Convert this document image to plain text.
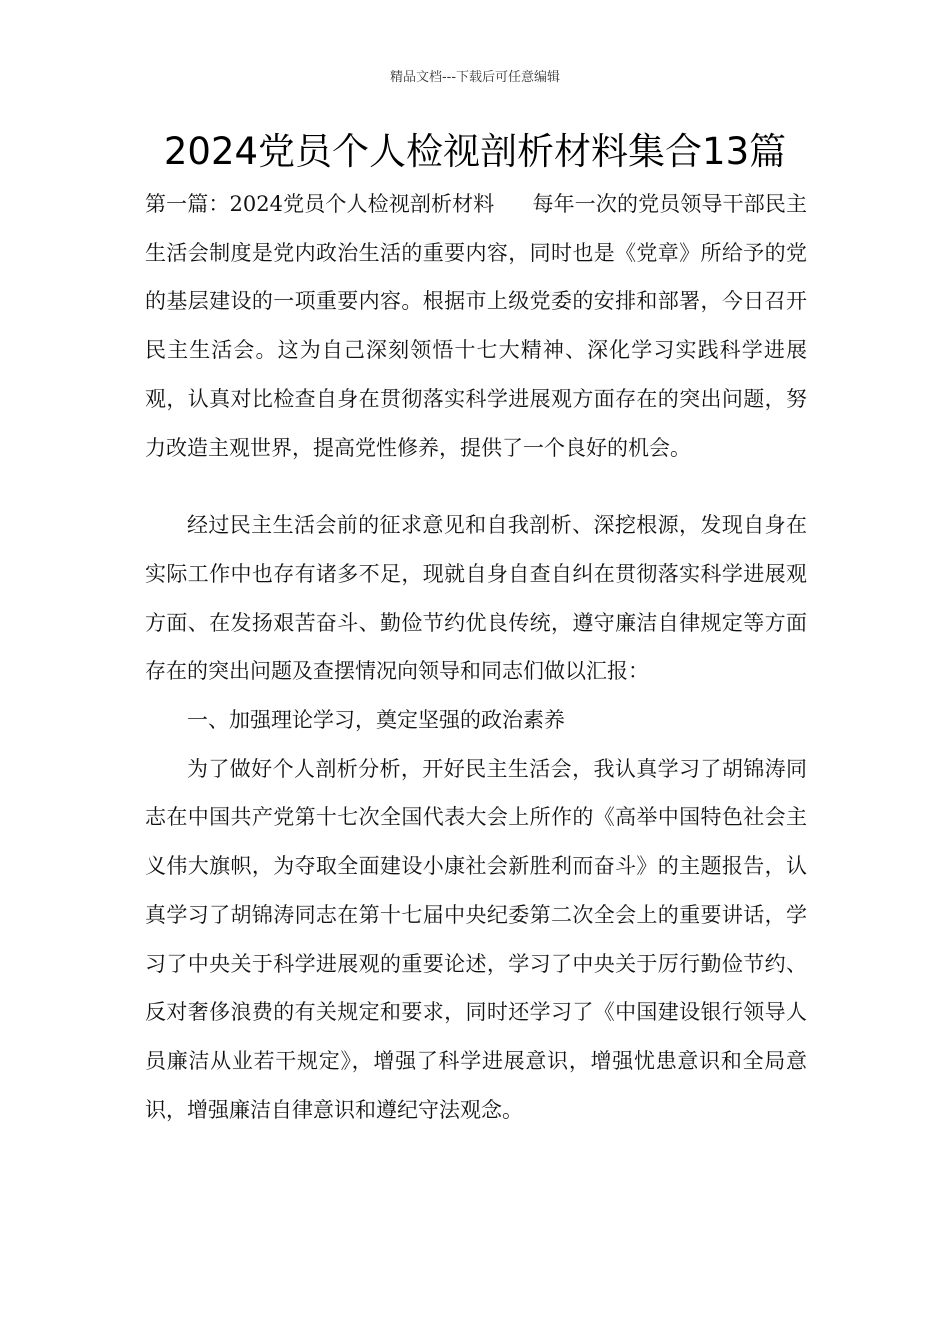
精品文档---下载后可任意编辑
2024党员个人检视剖析材料集合13篇

第一篇：2024党员个人检视剖析材料 每年一次的党员领导干部民主生活会制度是党内政治生活的重要内容，同时也是《党章》所给予的党的基层建设的一项重要内容。根据市上级党委的安排和部署，今日召开民主生活会。这为自己深刻领悟十七大精神、深化学习实践科学进展观，认真对比检查自身在贯彻落实科学进展观方面存在的突出问题，努力改造主观世界，提高党性修养，提供了一个良好的机会。

经过民主生活会前的征求意见和自我剖析、深挖根源，发现自身在实际工作中也存有诸多不足，现就自身自查自纠在贯彻落实科学进展观方面、在发扬艰苦奋斗、勤俭节约优良传统，遵守廉洁自律规定等方面存在的突出问题及查摆情况向领导和同志们做以汇报：

一、加强理论学习，奠定坚强的政治素养

为了做好个人剖析分析，开好民主生活会，我认真学习了胡锦涛同志在中国共产党第十七次全国代表大会上所作的《高举中国特色社会主义伟大旗帜，为夺取全面建设小康社会新胜利而奋斗》的主题报告，认真学习了胡锦涛同志在第十七届中央纪委第二次全会上的重要讲话，学习了中央关于科学进展观的重要论述，学习了中央关于厉行勤俭节约、反对奢侈浪费的有关规定和要求，同时还学习了《中国建设银行领导人员廉洁从业若干规定》，增强了科学进展意识，增强忧患意识和全局意识，增强廉洁自律意识和遵纪守法观念。
